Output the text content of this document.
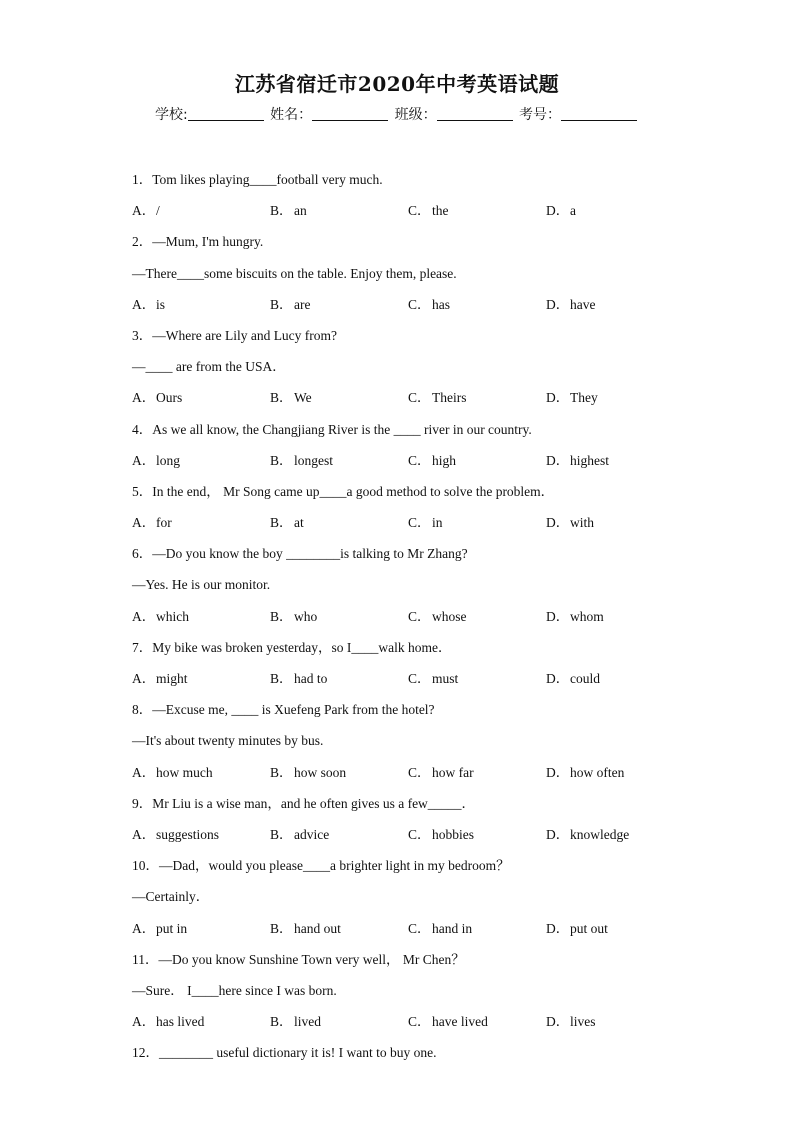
江苏省宿迁市2020年中考英语试题
学校:	姓名：	班级：	考号：
1．Tom likes playing____football very much.
A．/	B．an	C．the	D．a
2．—Mum, I'm hungry.
—There____some biscuits on the table. Enjoy them, please.
A．is	B．are	C．has	D．have
3．—Where are Lily and Lucy from?
—____ are from the USA．
A．Ours	B．We	C．Theirs	D．They
4．As we all know, the Changjiang River is the ____ river in our country.
A．long	B．longest	C．high	D．highest
5．In the end， Mr Song came up____a good method to solve the problem．
A．for	B．at	C．in	D．with
6．—Do you know the boy ________is talking to Mr Zhang?
—Yes. He is our monitor.
A．which	B．who	C．whose	D．whom
7．My bike was broken yesterday，so I____walk home．
A．might	B．had to	C．must	D．could
8．—Excuse me, ____ is Xuefeng Park from the hotel?
—It's about twenty minutes by bus.
A．how much	B．how soon	C．how far	D．how often
9．Mr Liu is a wise man，and he often gives us a few_____．
A．suggestions	B．advice	C．hobbies	D．knowledge
10．—Dad，would you please____a brighter light in my bedroom？
—Certainly．
A．put in	B．hand out	C．hand in	D．put out
11．—Do you know Sunshine Town very well， Mr Chen？
—Sure． I____here since I was born.
A．has lived	B．lived	C．have lived	D．lives
12．________ useful dictionary it is! I want to buy one.
